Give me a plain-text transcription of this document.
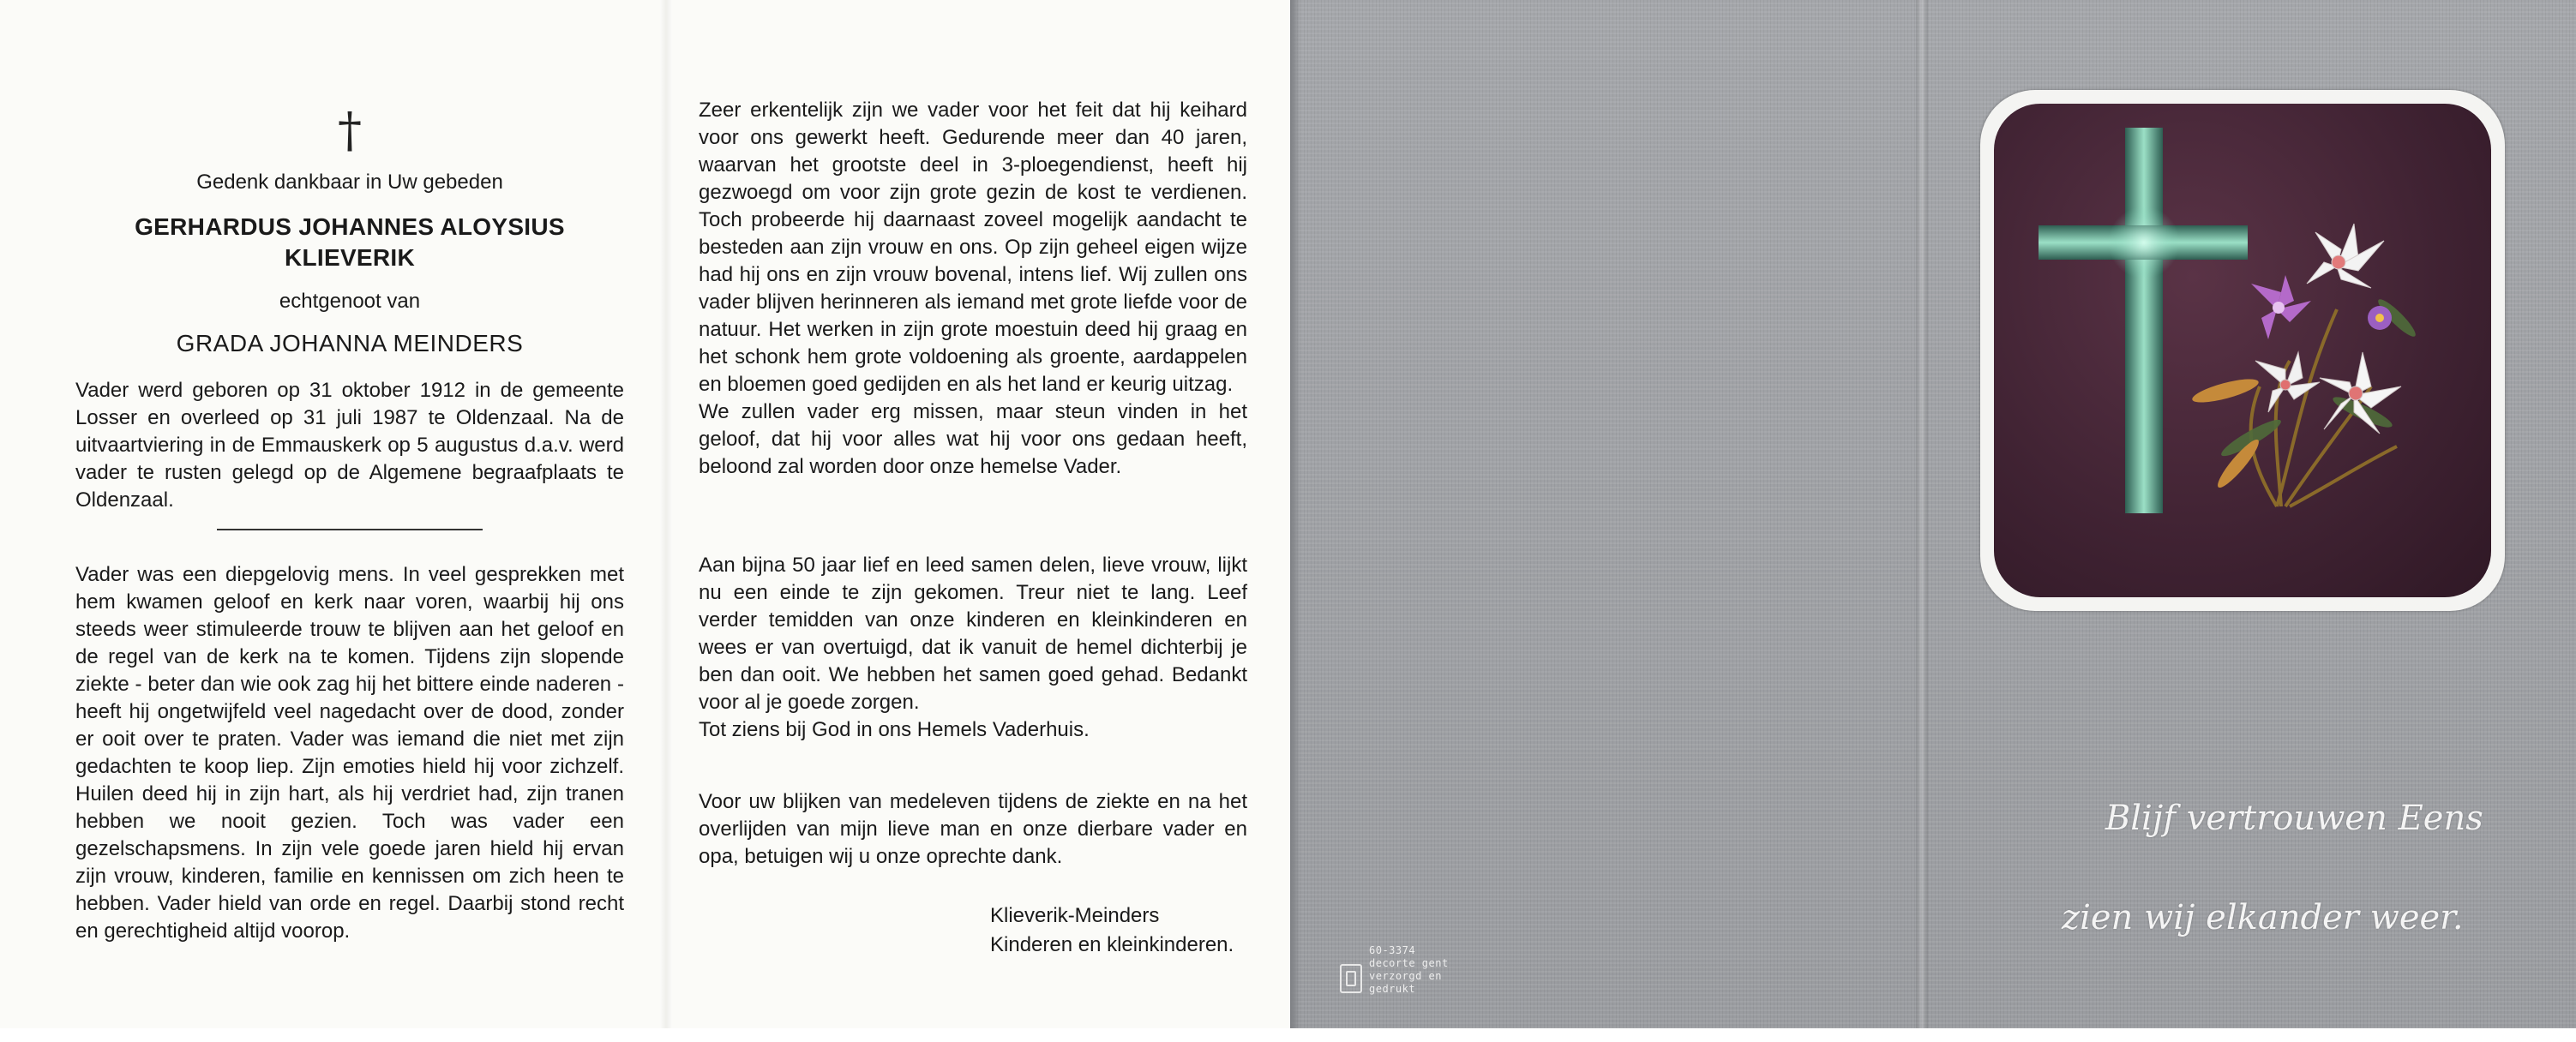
†
Gedenk dankbaar in Uw gebeden
GERHARDUS JOHANNES ALOYSIUS
KLIEVERIK
echtgenoot van
GRADA JOHANNA MEINDERS

Vader werd geboren op 31 oktober 1912 in de gemeente Losser en overleed op 31 juli 1987 te Oldenzaal. Na de uitvaartviering in de Emmauskerk op 5 augustus d.a.v. werd vader te rusten gelegd op de Algemene begraafplaats te Oldenzaal.

Vader was een diepgelovig mens. In veel gesprekken met hem kwamen geloof en kerk naar voren, waarbij hij ons steeds weer stimuleerde trouw te blijven aan het geloof en de regel van de kerk na te komen. Tijdens zijn slopende ziekte - beter dan wie ook zag hij het bittere einde naderen - heeft hij ongetwijfeld veel nagedacht over de dood, zonder er ooit over te praten. Vader was iemand die niet met zijn gedachten te koop liep. Zijn emoties hield hij voor zichzelf. Huilen deed hij in zijn hart, als hij verdriet had, zijn tranen hebben we nooit gezien. Toch was vader een gezelschapsmens. In zijn vele goede jaren hield hij ervan zijn vrouw, kinderen, familie en kennissen om zich heen te hebben. Vader hield van orde en regel. Daarbij stond recht en gerechtigheid altijd voorop.

Zeer erkentelijk zijn we vader voor het feit dat hij keihard voor ons gewerkt heeft. Gedurende meer dan 40 jaren, waarvan het grootste deel in 3-ploegendienst, heeft hij gezwoegd om voor zijn grote gezin de kost te verdienen. Toch probeerde hij daarnaast zoveel mogelijk aandacht te besteden aan zijn vrouw en ons. Op zijn geheel eigen wijze had hij ons en zijn vrouw bovenal, intens lief. Wij zullen ons vader blijven herinneren als iemand met grote liefde voor de natuur. Het werken in zijn grote moestuin deed hij graag en het schonk hem grote voldoening als groente, aardappelen en bloemen goed gedijden en als het land er keurig uitzag.
We zullen vader erg missen, maar steun vinden in het geloof, dat hij voor alles wat hij voor ons gedaan heeft, beloond zal worden door onze hemelse Vader.

Aan bijna 50 jaar lief en leed samen delen, lieve vrouw, lijkt nu een einde te zijn gekomen. Treur niet te lang. Leef verder temidden van onze kinderen en kleinkinderen en wees er van overtuigd, dat ik vanuit de hemel dichterbij je ben dan ooit. We hebben het samen goed gehad. Bedankt voor al je goede zorgen.
Tot ziens bij God in ons Hemels Vaderhuis.

Voor uw blijken van medeleven tijdens de ziekte en na het overlijden van mijn lieve man en onze dierbare vader en opa, betuigen wij u onze oprechte dank.

Klieverik-Meinders
Kinderen en kleinkinderen.

Blijf vertrouwen Eens

zien wij elkander weer.

60-3374
decorte gent
verzorgd en gedrukt
